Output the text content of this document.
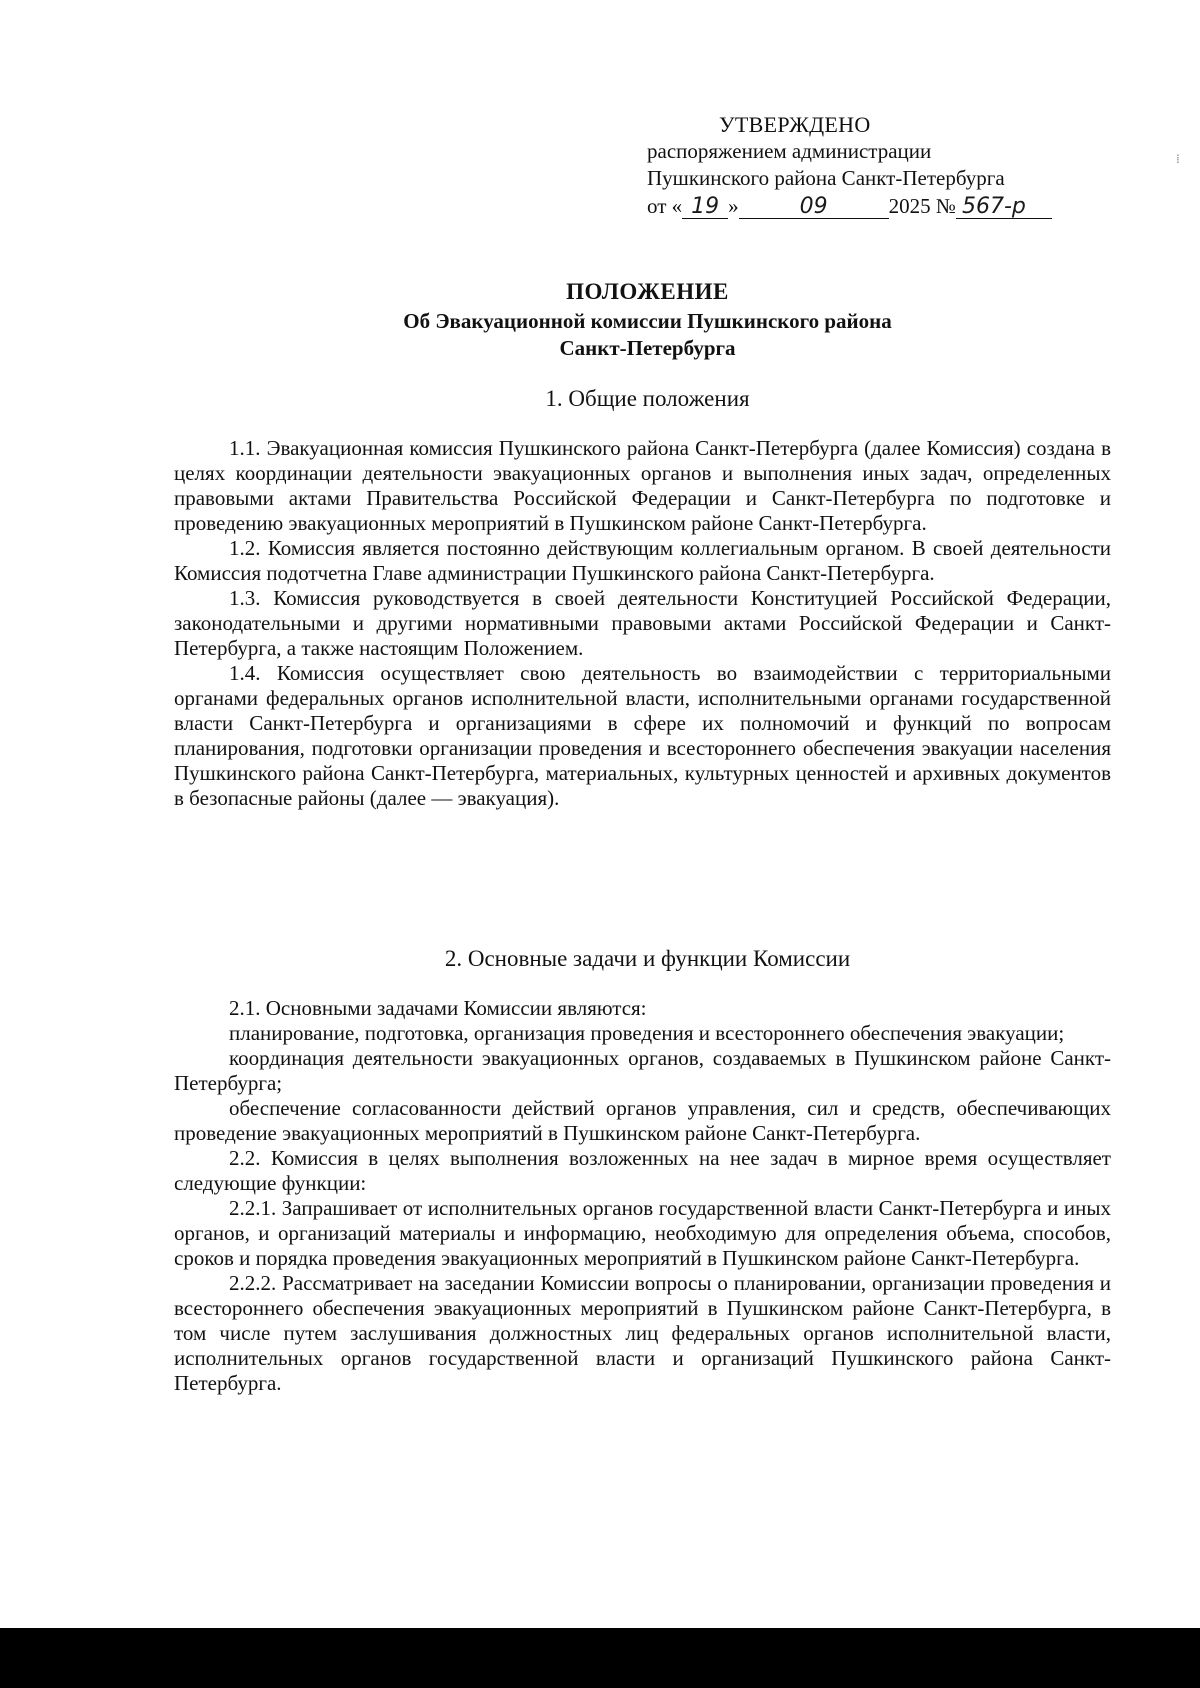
УТВЕРЖДЕНО
распоряжением администрации
Пушкинского района Санкт-Петербурга
от « 19 »	09	2025 № 567-р
ПОЛОЖЕНИЕ
Об Эвакуационной комиссии Пушкинского района
Санкт-Петербурга
1. Общие положения

1.1. Эвакуационная комиссия Пушкинского района Санкт-Петербурга (далее Комиссия) создана в целях координации деятельности эвакуационных органов и выполнения иных задач, определенных правовыми актами Правительства Российской Федерации и Санкт-Петербурга по подготовке и проведению эвакуационных мероприятий в Пушкинском районе Санкт-Петербурга.

1.2. Комиссия является постоянно действующим коллегиальным органом. В своей деятельности Комиссия подотчетна Главе администрации Пушкинского района Санкт-Петербурга.

1.3. Комиссия руководствуется в своей деятельности Конституцией Российской Федерации, законодательными и другими нормативными правовыми актами Российской Федерации и Санкт-Петербурга, а также настоящим Положением.

1.4. Комиссия осуществляет свою деятельность во взаимодействии с территориальными органами федеральных органов исполнительной власти, исполнительными органами государственной власти Санкт-Петербурга и организациями в сфере их полномочий и функций по вопросам планирования, подготовки организации проведения и всестороннего обеспечения эвакуации населения Пушкинского района Санкт-Петербурга, материальных, культурных ценностей и архивных документов в безопасные районы (далее — эвакуация).

2. Основные задачи и функции Комиссии

2.1. Основными задачами Комиссии являются:

планирование, подготовка, организация проведения и всестороннего обеспечения эвакуации;

координация деятельности эвакуационных органов, создаваемых в Пушкинском районе Санкт-Петербурга;

обеспечение согласованности действий органов управления, сил и средств, обеспечивающих проведение эвакуационных мероприятий в Пушкинском районе Санкт-Петербурга.

2.2. Комиссия в целях выполнения возложенных на нее задач в мирное время осуществляет следующие функции:

2.2.1. Запрашивает от исполнительных органов государственной власти Санкт-Петербурга и иных органов, и организаций материалы и информацию, необходимую для определения объема, способов, сроков и порядка проведения эвакуационных мероприятий в Пушкинском районе Санкт-Петербурга.

2.2.2. Рассматривает на заседании Комиссии вопросы о планировании, организации проведения и всестороннего обеспечения эвакуационных мероприятий в Пушкинском районе Санкт-Петербурга, в том числе путем заслушивания должностных лиц федеральных органов исполнительной власти, исполнительных органов государственной власти и организаций Пушкинского района Санкт-Петербурга.

⁞
